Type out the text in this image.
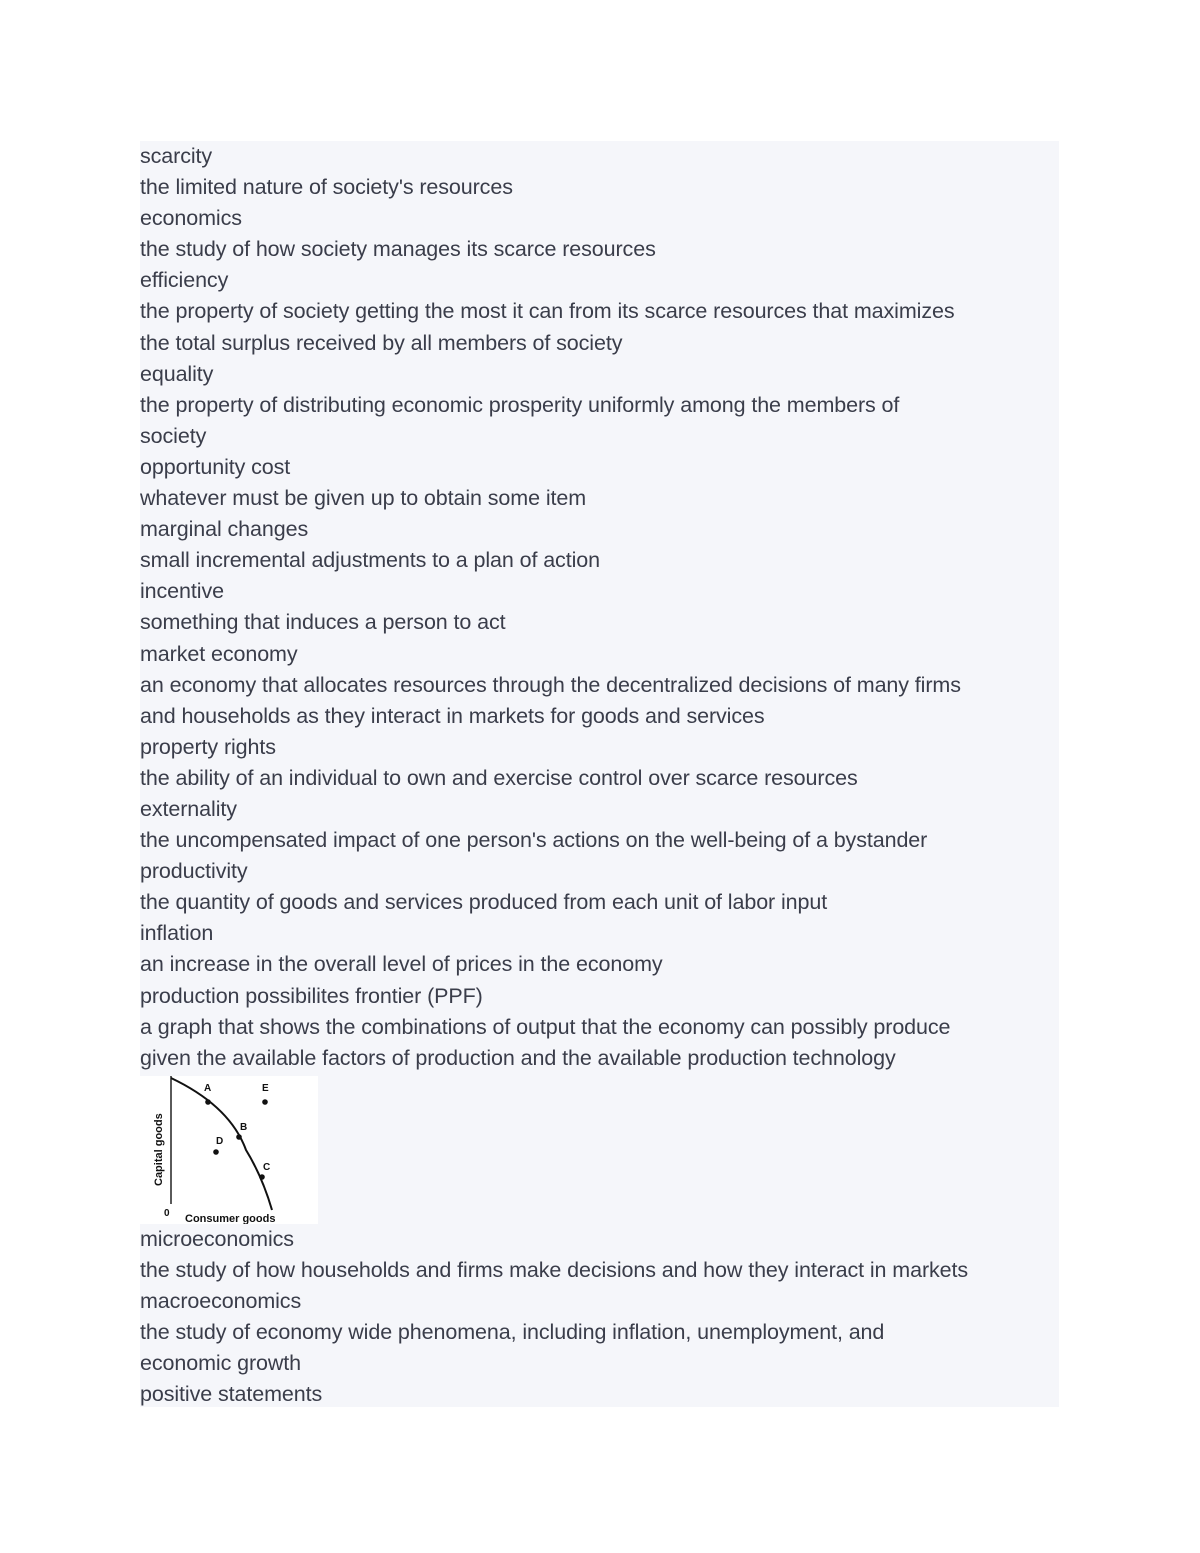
scarcity
the limited nature of society's resources
economics
the study of how society manages its scarce resources
efficiency
the property of society getting the most it can from its scarce resources that maximizes
the total surplus received by all members of society
equality
the property of distributing economic prosperity uniformly among the members of
society
opportunity cost
whatever must be given up to obtain some item
marginal changes
small incremental adjustments to a plan of action
incentive
something that induces a person to act
market economy
an economy that allocates resources through the decentralized decisions of many firms
and households as they interact in markets for goods and services
property rights
the ability of an individual to own and exercise control over scarce resources
externality
the uncompensated impact of one person's actions on the well-being of a bystander
productivity
the quantity of goods and services produced from each unit of labor input
inflation
an increase in the overall level of prices in the economy
production possibilites frontier (PPF)
a graph that shows the combinations of output that the economy can possibly produce
given the available factors of production and the available production technology
A
B
C
D
E
Capital goods
Consumer goods
0
microeconomics
the study of how households and firms make decisions and how they interact in markets
macroeconomics
the study of economy wide phenomena, including inflation, unemployment, and
economic growth
positive statements
